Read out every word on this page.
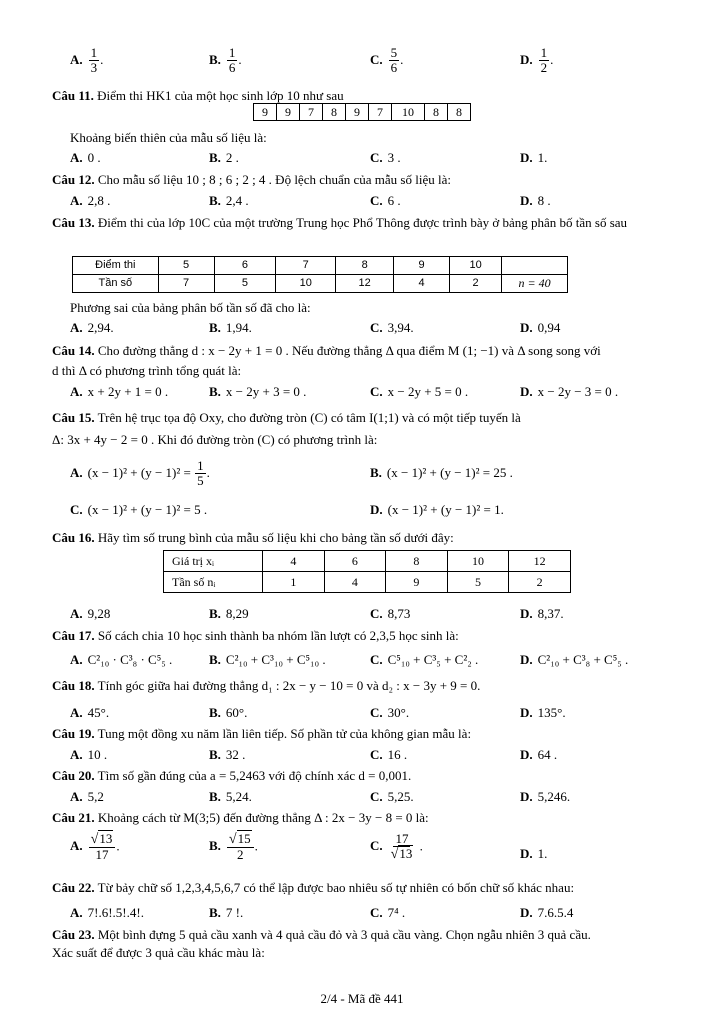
A. $\frac{1}{3}$ .	B. $\frac{1}{6}$ .	C. $\frac{5}{6}$ .	D. $\frac{1}{2}$ .
Câu 11. Điểm thi HK1 của một học sinh lớp 10 như sau
9	9	7	8	9	7	10	8	8
Khoảng biến thiên của mẫu số liệu là:
A. 0 .	B. 2 .	C. 3 .	D. 1.
Câu 12. Cho mẫu số liệu 10 ; 8 ; 6 ; 2 ; 4 . Độ lệch chuẩn của mẫu số liệu là:
A. 2,8 .	B. 2,4 .	C. 6 .	D. 8 .
Câu 13. Điểm thi của lớp 10C của một trường Trung học Phổ Thông được trình bày ở bảng phân bố tần số sau
Điểm thi	5	6	7	8	9	10	
Tần số	7	5	10	12	4	2	n = 40
Phương sai của bảng phân bố tần số đã cho là:
A. 2,94.	B. 1,94.	C. 3,94.	D. 0,94
Câu 14. Cho đường thẳng d : x − 2y + 1 = 0 . Nếu đường thẳng Δ qua điểm M (1; −1) và Δ song song với
d thì Δ có phương trình tổng quát là:
A. x + 2y + 1 = 0 .	B. x − 2y + 3 = 0 .	C. x − 2y + 5 = 0 .	D. x − 2y − 3 = 0 .
Câu 15. Trên hệ trục tọa độ Oxy, cho đường tròn (C) có tâm I(1;1) và có một tiếp tuyến là
Δ: 3x + 4y − 2 = 0 . Khi đó đường tròn (C) có phương trình là:
A. $(x - 1)^2 + (y - 1)^2 = \frac{1}{5}$ .	B. (x − 1)² + (y − 1)² = 25 .
C. (x − 1)² + (y − 1)² = 5 .	D. (x − 1)² + (y − 1)² = 1.
Câu 16. Hãy tìm số trung bình của mẫu số liệu khi cho bảng tần số dưới đây:
Giá trị xᵢ	4	6	8	10	12
Tần số nᵢ	1	4	9	5	2
A. 9,28	B. 8,29	C. 8,73	D. 8,37.
Câu 17. Số cách chia 10 học sinh thành ba nhóm lần lượt có 2,3,5 học sinh là:
A. C²₁₀ · C³₈ · C⁵₅ .	B. C²₁₀ + C³₁₀ + C⁵₁₀ .	C. C⁵₁₀ + C³₅ + C²₂ .	D. C²₁₀ + C³₈ + C⁵₅ .
Câu 18. Tính góc giữa hai đường thẳng d₁ : 2x − y − 10 = 0 và d₂ : x − 3y + 9 = 0.
A. 45°.	B. 60°.	C. 30°.	D. 135°.
Câu 19. Tung một đồng xu năm lần liên tiếp. Số phần tử của không gian mẫu là:
A. 10 .	B. 32 .	C. 16 .	D. 64 .
Câu 20. Tìm số gần đúng của a = 5,2463 với độ chính xác d = 0,001.
A. 5,2	B. 5,24.	C. 5,25.	D. 5,246.
Câu 21. Khoảng cách từ M(3;5) đến đường thẳng Δ : 2x − 3y − 8 = 0 là:
A. $\frac{√13}{17}$ .	B. $\frac{√15}{2}$ .	C. $\frac{17}{√13}$ .
D. 1.
Câu 22. Từ bảy chữ số 1,2,3,4,5,6,7 có thể lập được bao nhiêu số tự nhiên có bốn chữ số khác nhau:
A. 7!.6!.5!.4!.	B. 7 !.	C. 7⁴ .	D. 7.6.5.4
Câu 23. Một bình đựng 5 quả cầu xanh và 4 quả cầu đỏ và 3 quả cầu vàng. Chọn ngẫu nhiên 3 quả cầu.
Xác suất để được 3 quả cầu khác màu là:
2/4 - Mã đề 441
